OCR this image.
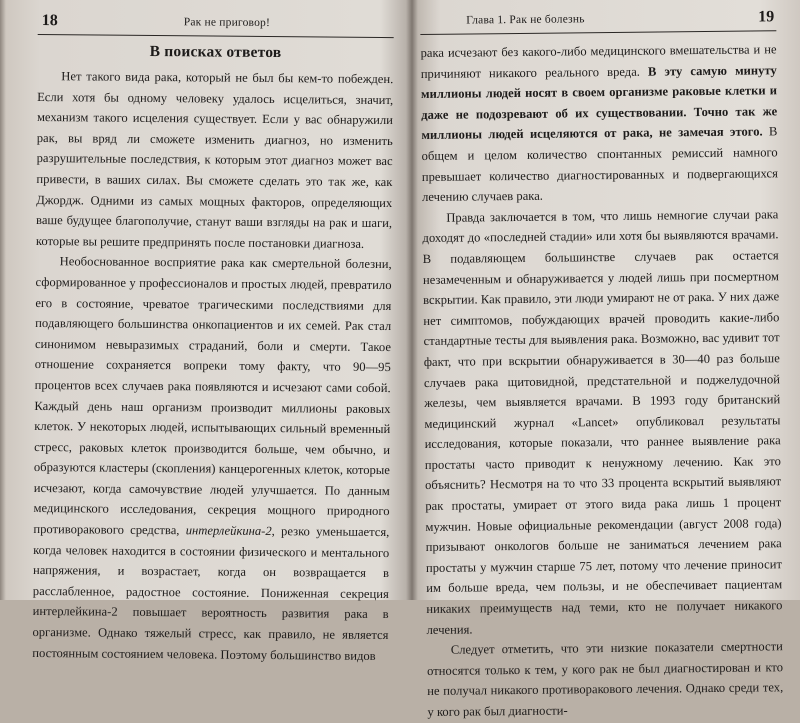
18	Рак не приговор!
В поисках ответов

Нет такого вида рака, который не был бы кем-то побежден. Если хотя бы одному человеку удалось исцелиться, значит, механизм такого исцеления существует. Если у вас обнаружили рак, вы вряд ли сможете изменить диагноз, но изменить разрушительные последствия, к которым этот диагноз может вас привести, в ваших силах. Вы сможете сделать это так же, как Джордж. Одними из самых мощных факторов, определяющих ваше будущее благополучие, станут ваши взгляды на рак и шаги, которые вы решите предпринять после постановки диагноза.

Необоснованное восприятие рака как смертельной болезни, сформированное у профессионалов и простых людей, превратило его в состояние, чреватое трагическими последствиями для подавляющего большинства онкопациентов и их семей. Рак стал синонимом невыразимых страданий, боли и смерти. Такое отношение сохраняется вопреки тому факту, что 90—95 процентов всех случаев рака появляются и исчезают сами собой. Каждый день наш организм производит миллионы раковых клеток. У некоторых людей, испытывающих сильный временный стресс, раковых клеток производится больше, чем обычно, и образуются кластеры (скопления) канцерогенных клеток, которые исчезают, когда самочувствие людей улучшается. По данным медицинского исследования, секреция мощного природного противоракового средства, интерлейкина-2, резко уменьшается, когда человек находится в состоянии физического и ментального напряжения, и возрастает, когда он возвращается в расслабленное, радостное состояние. Пониженная секреция интерлейкина-2 повышает вероятность развития рака в организме. Однако тяжелый стресс, как правило, не является постоянным состоянием человека. Поэтому большинство видов

Глава 1. Рак не болезнь	19

рака исчезают без какого-либо медицинского вмешательства и не причиняют никакого реального вреда. В эту самую минуту миллионы людей носят в своем организме раковые клетки и даже не подозревают об их существовании. Точно так же миллионы людей исцеляются от рака, не замечая этого. В общем и целом количество спонтанных ремиссий намного превышает количество диагностированных и подвергающихся лечению случаев рака.

Правда заключается в том, что лишь немногие случаи рака доходят до «последней стадии» или хотя бы выявляются врачами. В подавляющем большинстве случаев рак остается незамеченным и обнаруживается у людей лишь при посмертном вскрытии. Как правило, эти люди умирают не от рака. У них даже нет симптомов, побуждающих врачей проводить какие-либо стандартные тесты для выявления рака. Возможно, вас удивит тот факт, что при вскрытии обнаруживается в 30—40 раз больше случаев рака щитовидной, предстательной и поджелудочной железы, чем выявляется врачами. В 1993 году британский медицинский журнал «Lancet» опубликовал результаты исследования, которые показали, что раннее выявление рака простаты часто приводит к ненужному лечению. Как это объяснить? Несмотря на то что 33 процента вскрытий выявляют рак простаты, умирает от этого вида рака лишь 1 процент мужчин. Новые официальные рекомендации (август 2008 года) призывают онкологов больше не заниматься лечением рака простаты у мужчин старше 75 лет, потому что лечение приносит им больше вреда, чем пользы, и не обеспечивает пациентам никаких преимуществ над теми, кто не получает никакого лечения.

Следует отметить, что эти низкие показатели смертности относятся только к тем, у кого рак не был диагностирован и кто не получал никакого противоракового лечения. Однако среди тех, у кого рак был диагности-
